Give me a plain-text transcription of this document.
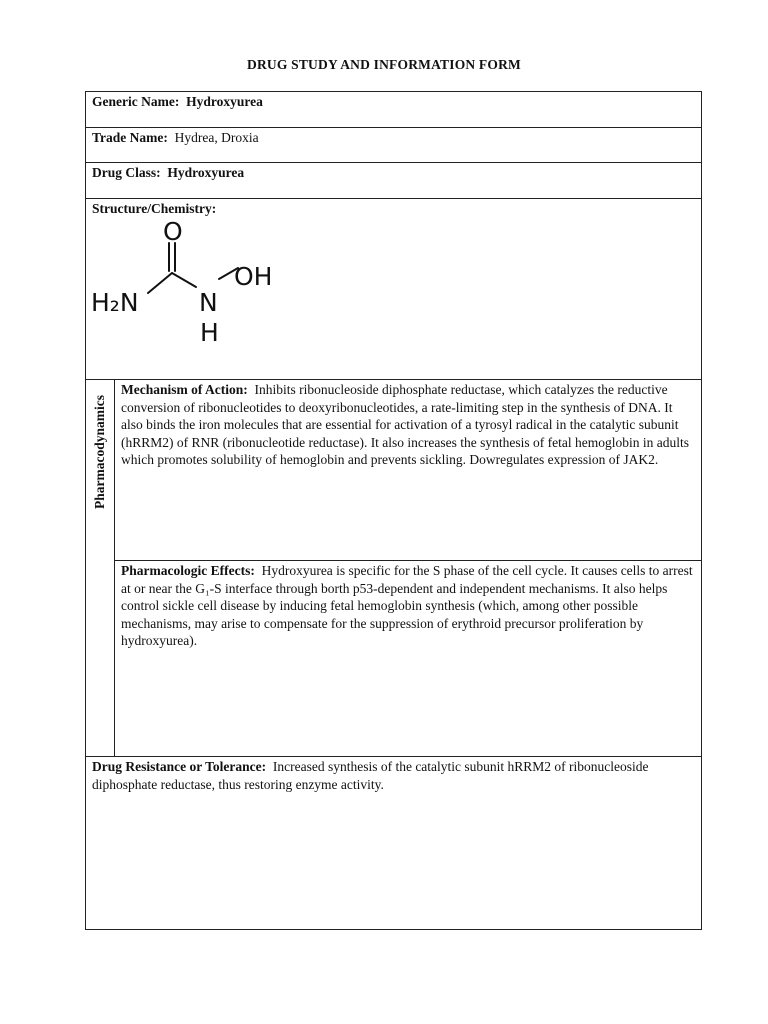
DRUG STUDY AND INFORMATION FORM
Generic Name: Hydroxyurea
Trade Name: Hydrea, Droxia
Drug Class: Hydroxyurea
Structure/Chemistry:
O
H₂N N
OH
H
Pharmacodynamics
Mechanism of Action: Inhibits ribonucleoside diphosphate reductase, which catalyzes the reductive conversion of ribonucleotides to deoxyribonucleotides, a rate-limiting step in the synthesis of DNA. It also binds the iron molecules that are essential for activation of a tyrosyl radical in the catalytic subunit (hRRM2) of RNR (ribonucleotide reductase). It also increases the synthesis of fetal hemoglobin in adults which promotes solubility of hemoglobin and prevents sickling. Dowregulates expression of JAK2.
Pharmacologic Effects: Hydroxyurea is specific for the S phase of the cell cycle. It causes cells to arrest at or near the G₁-S interface through borth p53-dependent and independent mechanisms. It also helps control sickle cell disease by inducing fetal hemoglobin synthesis (which, among other possible mechanisms, may arise to compensate for the suppression of erythroid precursor proliferation by hydroxyurea).
Drug Resistance or Tolerance: Increased synthesis of the catalytic subunit hRRM2 of ribonucleoside diphosphate reductase, thus restoring enzyme activity.
